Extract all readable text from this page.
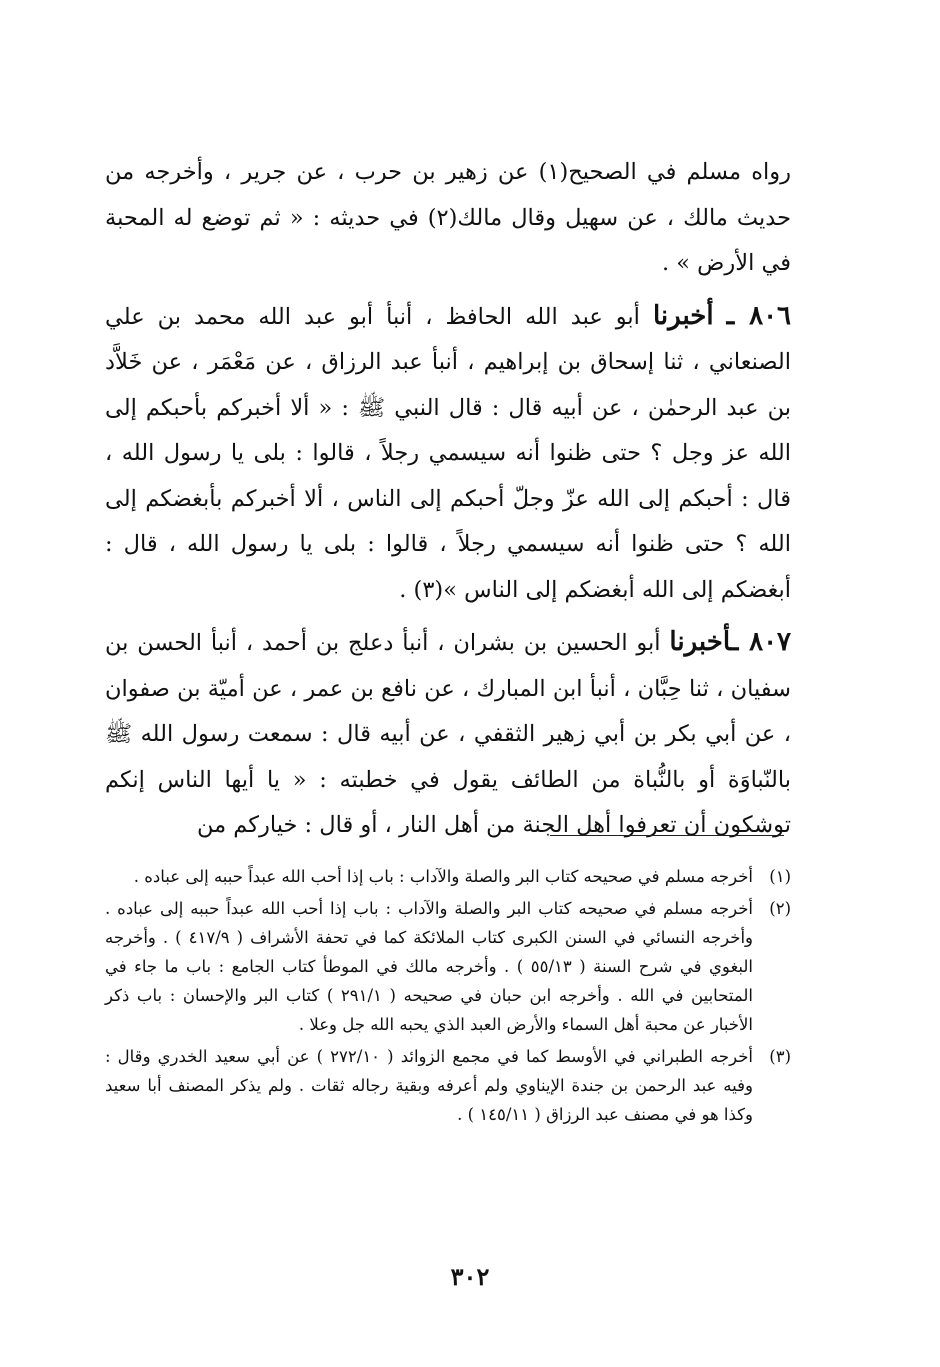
رواه مسلم في الصحيح(١) عن زهير بن حرب ، عن جرير ، وأخرجه من حديث مالك ، عن سهيل وقال مالك(٢) في حديثه : « ثم توضع له المحبة في الأرض » .

٨٠٦ ـ أخبرنا أبو عبد الله الحافظ ، أنبأ أبو عبد الله محمد بن علي الصنعاني ، ثنا إسحاق بن إبراهيم ، أنبأ عبد الرزاق ، عن مَعْمَر ، عن خَلاَّد بن عبد الرحمٰن ، عن أبيه قال : قال النبي ﷺ : « ألا أخبركم بأحبكم إلى الله عز وجل ؟ حتى ظنوا أنه سيسمي رجلاً ، قالوا : بلى يا رسول الله ، قال : أحبكم إلى الله عزّ وجلّ أحبكم إلى الناس ، ألا أخبركم بأبغضكم إلى الله ؟ حتى ظنوا أنه سيسمي رجلاً ، قالوا : بلى يا رسول الله ، قال : أبغضكم إلى الله أبغضكم إلى الناس »(٣) .

٨٠٧ ـأخبرنا أبو الحسين بن بشران ، أنبأ دعلج بن أحمد ، أنبأ الحسن بن سفيان ، ثنا حِبَّان ، أنبأ ابن المبارك ، عن نافع بن عمر ، عن أميّة بن صفوان ، عن أبي بكر بن أبي زهير الثقفي ، عن أبيه قال : سمعت رسول الله ﷺ بالنّباوَة أو بالنُّباة من الطائف يقول في خطبته : « يا أيها الناس إنكم توشكون أن تعرفوا أهل الجنة من أهل النار ، أو قال : خياركم من

(١)
أخرجه مسلم في صحيحه كتاب البر والصلة والآداب : باب إذا أحب الله عبداً حببه إلى عباده .
(٢)
أخرجه مسلم في صحيحه كتاب البر والصلة والآداب : باب إذا أحب الله عبداً حببه إلى عباده . وأخرجه النسائي في السنن الكبرى كتاب الملائكة كما في تحفة الأشراف ( ٤١٧/٩ ) . وأخرجه البغوي في شرح السنة ( ٥٥/١٣ ) . وأخرجه مالك في الموطأ كتاب الجامع : باب ما جاء في المتحابين في الله . وأخرجه ابن حبان في صحيحه ( ٢٩١/١ ) كتاب البر والإحسان : باب ذكر الأخبار عن محبة أهل السماء والأرض العبد الذي يحبه الله جل وعلا .
(٣)
أخرجه الطبراني في الأوسط كما في مجمع الزوائد ( ٢٧٢/١٠ ) عن أبي سعيد الخدري وقال : وفيه عبد الرحمن بن جندة الإيناوي ولم أعرفه وبقية رجاله ثقات . ولم يذكر المصنف أبا سعيد وكذا هو في مصنف عبد الرزاق ( ١٤٥/١١ ) .
٣٠٢
